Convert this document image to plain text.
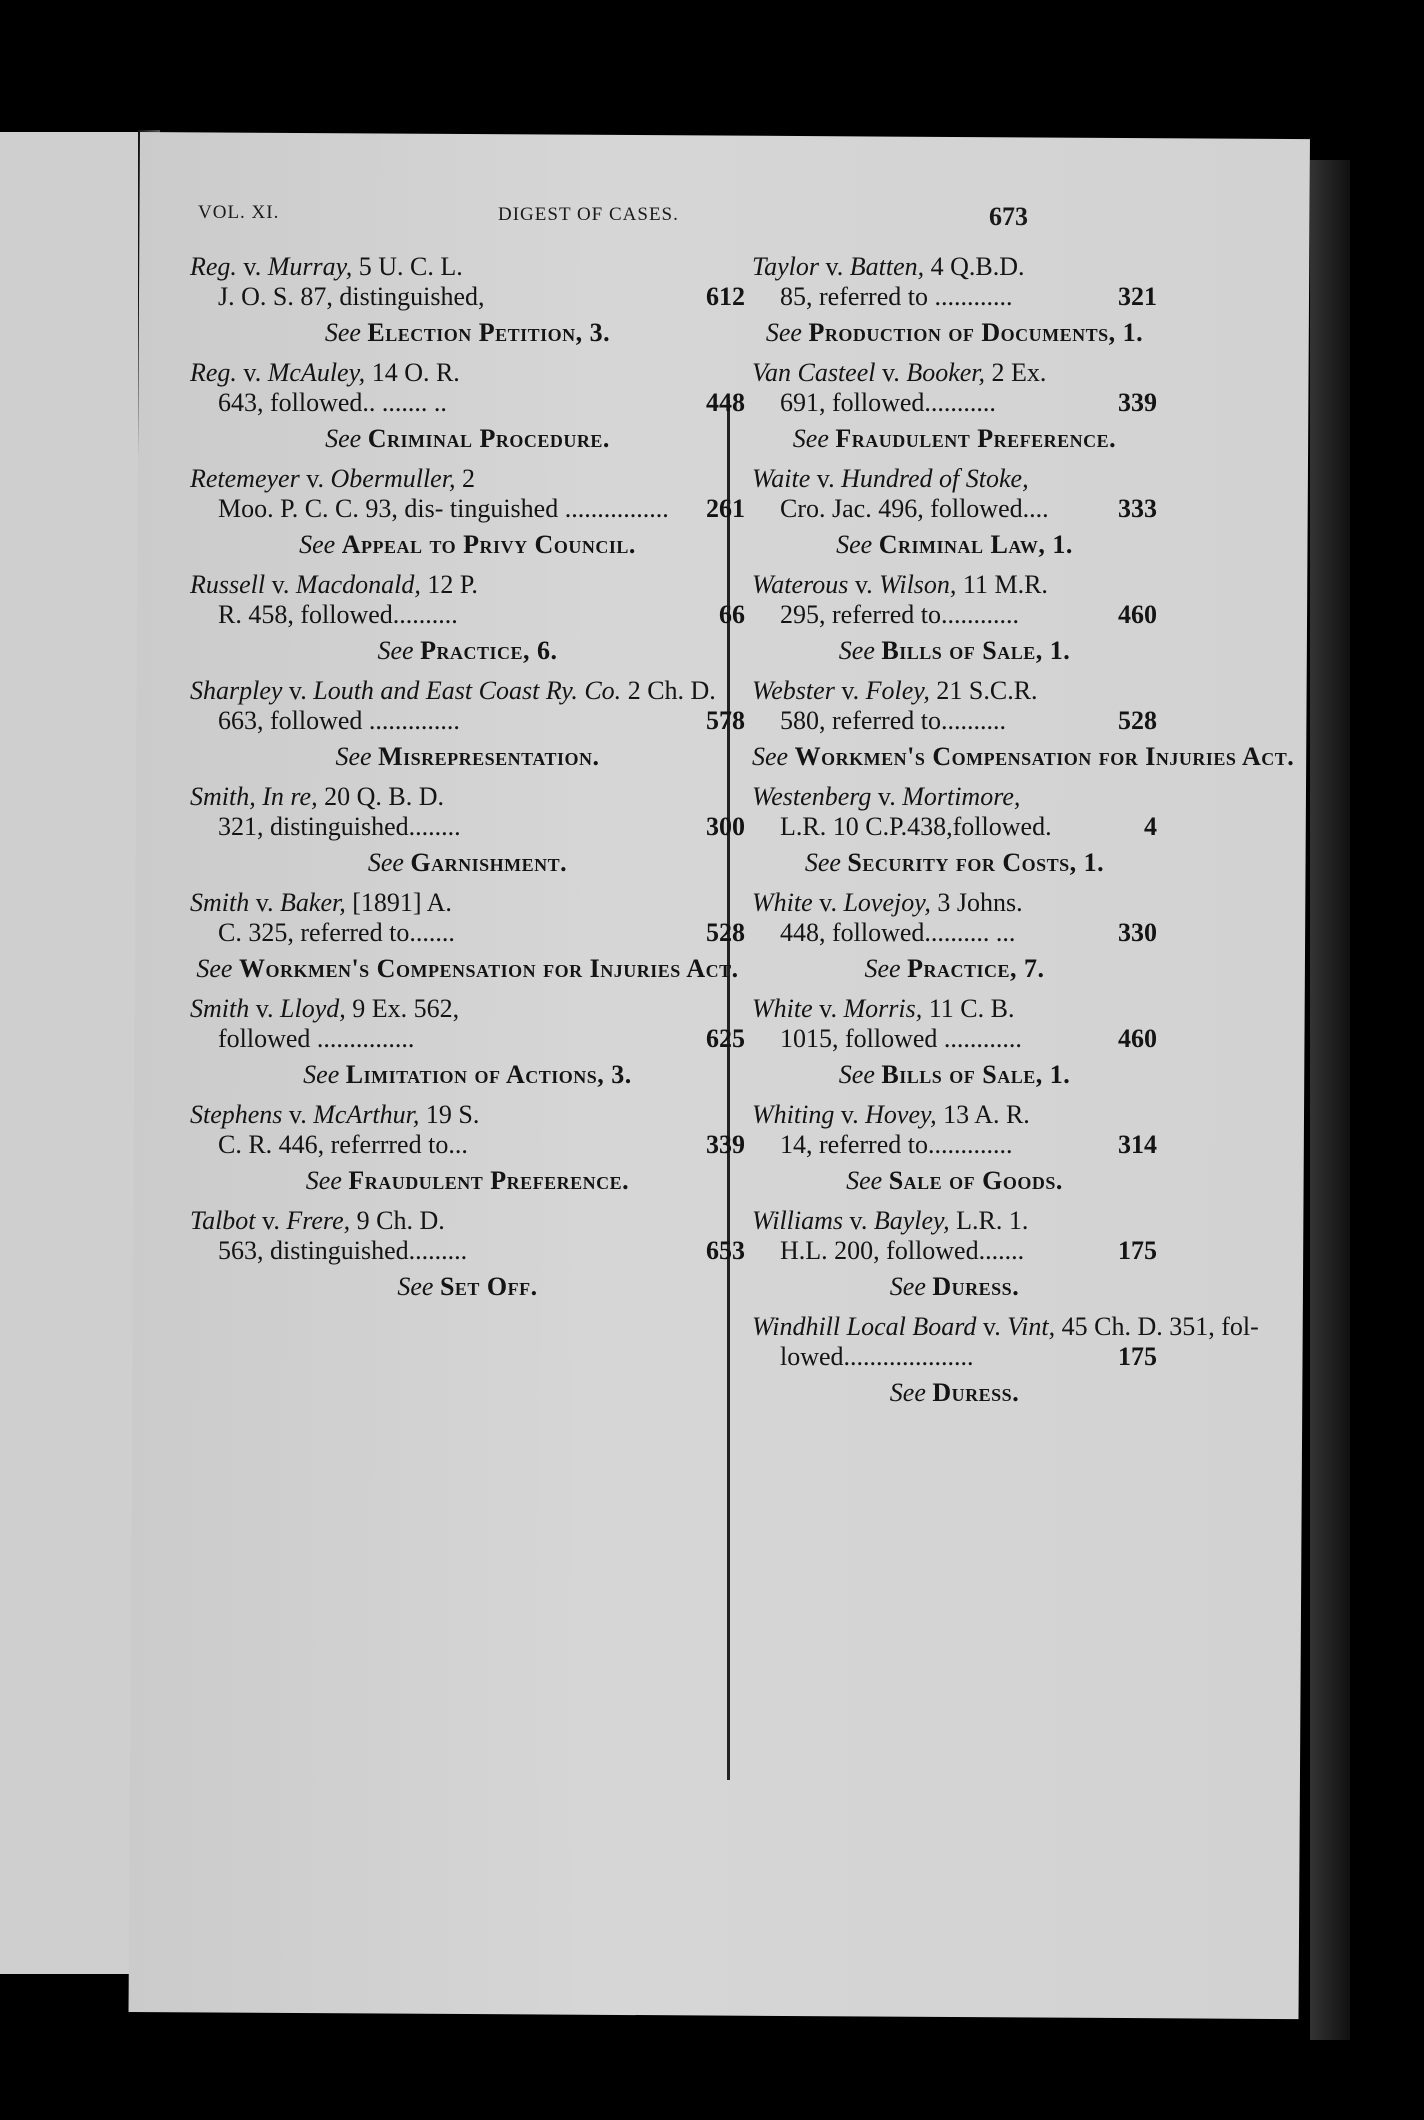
VOL. XI.	DIGEST OF CASES.	673
Reg. v. Murray, 5 U. C. L.
J. O. S. 87, distinguished,	612
See Election Petition, 3.
Reg. v. McAuley, 14 O. R.
643, followed.. ....... ..	448
See Criminal Procedure.
Retemeyer v. Obermuller, 2
Moo. P. C. C. 93, dis- tinguished ................	261
See Appeal to Privy Council.
Russell v. Macdonald, 12 P.
R. 458, followed..........	66
See Practice, 6.
Sharpley v. Louth and East Coast Ry. Co. 2 Ch. D.
663, followed ..............	578
See Misrepresentation.
Smith, In re, 20 Q. B. D.
321, distinguished........	300
See Garnishment.
Smith v. Baker, [1891] A.
C. 325, referred to.......	528
See Workmen's Compensation for Injuries Act.
Smith v. Lloyd, 9 Ex. 562,
followed ...............	625
See Limitation of Actions, 3.
Stephens v. McArthur, 19 S.
C. R. 446, referrred to...	339
See Fraudulent Preference.
Talbot v. Frere, 9 Ch. D.
563, distinguished.........	653
See Set Off.
Taylor v. Batten, 4 Q.B.D.
85, referred to ............	321
See Production of Documents, 1.
Van Casteel v. Booker, 2 Ex.
691, followed...........	339
See Fraudulent Preference.
Waite v. Hundred of Stoke,
Cro. Jac. 496, followed....	333
See Criminal Law, 1.
Waterous v. Wilson, 11 M.R.
295, referred to............	460
See Bills of Sale, 1.
Webster v. Foley, 21 S.C.R.
580, referred to..........	528
See Workmen's Compensation for Injuries Act.
Westenberg v. Mortimore,
L.R. 10 C.P.438,followed.	4
See Security for Costs, 1.
White v. Lovejoy, 3 Johns.
448, followed.......... ...	330
See Practice, 7.
White v. Morris, 11 C. B.
1015, followed ............	460
See Bills of Sale, 1.
Whiting v. Hovey, 13 A. R.
14, referred to.............	314
See Sale of Goods.
Williams v. Bayley, L.R. 1.
H.L. 200, followed.......	175
See Duress.
Windhill Local Board v. Vint, 45 Ch. D. 351, fol-
lowed....................	175
See Duress.
